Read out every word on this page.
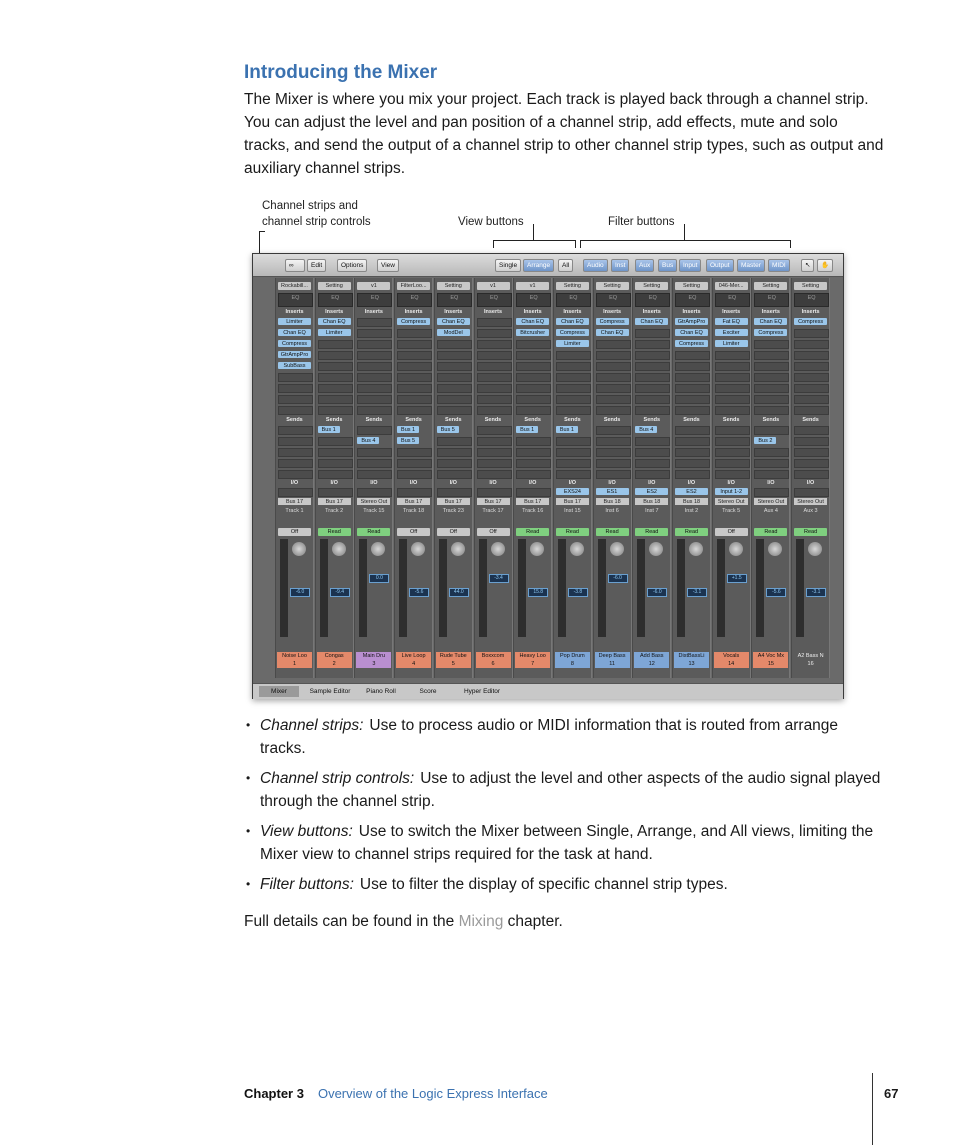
Introducing the Mixer
The Mixer is where you mix your project. Each track is played back through a channel strip. You can adjust the level and pan position of a channel strip, add effects, mute and solo tracks, and send the output of a channel strip to other channel strip types, such as output and auxiliary channel strips.
Channel strips and channel strip controls	View buttons	Filter buttons
∞	Edit	Options	View	Single	Arrange	All	Audio	Inst	Aux	Bus	Input	Output	Master	MIDI	↖	✋
Rockabill...
EQ
Inserts
Limiter
Chan EQ
Compress
GtrAmpPro
SubBass
Sends
I/O
Bus 17
Track 1
Off
-6.0
Noise Loo
1
Setting
EQ
Inserts
Chan EQ
Limiter
Sends
Bus 1
I/O
Bus 17
Track 2
Read
-9.4
Congas
2
v1
EQ
Inserts
Sends
Bus 4
I/O
Stereo Out
Track 15
Read
0.0
Main Dru
3
FilterLoo...
EQ
Inserts
Compress
Sends
Bus 1
Bus 5
I/O
Bus 17
Track 18
Off
-5.6
Live Loop
4
Setting
EQ
Inserts
Chan EQ
ModDel
Sends
Bus 5
I/O
Bus 17
Track 23
Off
44.0
Rude Tube
5
v1
EQ
Inserts
Sends
I/O
Bus 17
Track 17
Off
-3.4
Boxxcom
6
v1
EQ
Inserts
Chan EQ
Bitcrusher
Sends
Bus 1
I/O
Bus 17
Track 16
Read
15.8
Heavy Loo
7
Setting
EQ
Inserts
Chan EQ
Compress
Limiter
Sends
Bus 1
I/O
EXS24
Bus 17
Inst 15
Read
-3.8
Pop Drum
8
Setting
EQ
Inserts
Compress
Chan EQ
Sends
I/O
ES1
Bus 18
Inst 6
Read
-6.0
Deep Bass
11
Setting
EQ
Inserts
Chan EQ
Sends
Bus 4
I/O
ES2
Bus 18
Inst 7
Read
-6.0
Add Bass
12
Setting
EQ
Inserts
GtrAmpPro
Chan EQ
Compress
Sends
I/O
ES2
Bus 18
Inst 2
Read
-3.1
DistBassLi
13
046-Mer...
EQ
Inserts
Fat EQ
Exciter
Limiter
Sends
I/O
Input 1-2
Stereo Out
Track 5
Off
+1.5
Vocals
14
Setting
EQ
Inserts
Chan EQ
Compress
Sends
Bus 2
I/O
Stereo Out
Aux 4
Read
-5.6
A4 Voc Mx
15
Setting
EQ
Inserts
Compress
Sends
I/O
Stereo Out
Aux 3
Read
-3.1
A2 Bass N
16
Mixer	Sample Editor	Piano Roll	Score	Hyper Editor
• Channel strips: Use to process audio or MIDI information that is routed from arrange tracks.
• Channel strip controls: Use to adjust the level and other aspects of the audio signal played through the channel strip.
• View buttons: Use to switch the Mixer between Single, Arrange, and All views, limiting the Mixer view to channel strips required for the task at hand.
• Filter buttons: Use to filter the display of specific channel strip types.
Full details can be found in the Mixing chapter.
Chapter 3 Overview of the Logic Express Interface	67
